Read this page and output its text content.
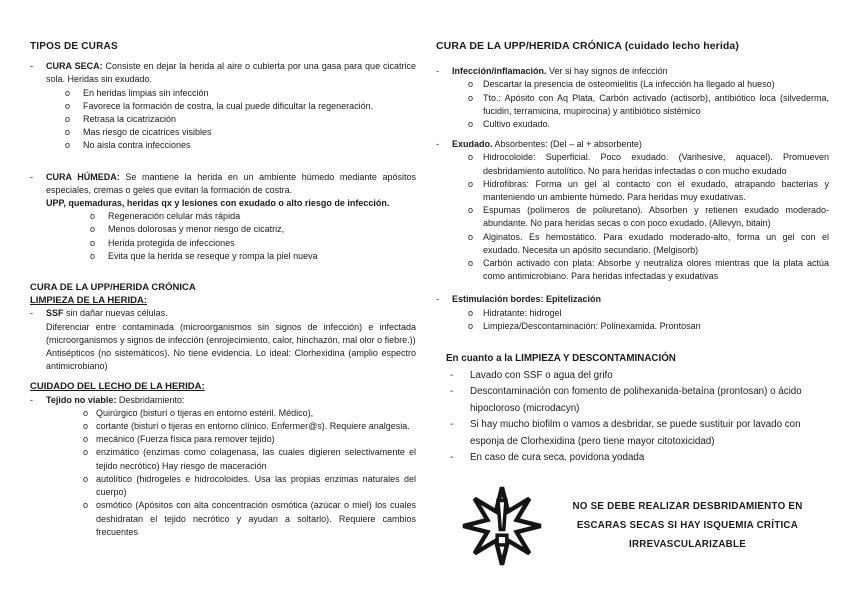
TIPOS DE CURAS
-	CURA SECA: Consiste en dejar la herida al aire o cubierta por una gasa para que cicatrice sola. Heridas sin exudado.
o	En heridas limpias sin infección
o	Favorece la formación de costra, la cual puede dificultar la regeneración.
o	Retrasa la cicatrización
o	Mas riesgo de cicatrices visibles
o	No aisla contra infecciones
-	CURA HÚMEDA: Se mantiene la herida en un ambiente húmedo mediante apósitos especiales, cremas o geles que evitan la formación de costra.
UPP, quemaduras, heridas qx y lesiones con exudado o alto riesgo de infección.
o	Regeneración celular más rápida
o	Menos dolorosas y menor riesgo de cicatriz,
o	Herida protegida de infecciones
o	Evita que la herida se reseque y rompa la piel nueva
CURA DE LA UPP/HERIDA CRÓNICA
LIMPIEZA DE LA HERIDA:
-	SSF sin dañar nuevas células.
Diferenciar entre contaminada (microorganismos sin signos de infección) e infectada (microorganismos y signos de infección (enrojecimiento, calor, hinchazón, mal olor o fiebre.))
Antisépticos (no sistemáticos). No tiene evidencia. Lo ideal: Clorhexidina (amplio espectro antimicrobiano)
CUIDADO DEL LECHO DE LA HERIDA:
-	Tejido no viable: Desbridamiento:
o Quirúrgico (bisturí o tijeras en entorno estéril. Médico),
o cortante (bisturí o tijeras en entorno clínico. Enfermer@s). Requiere analgesia.
o mecánico (Fuerza física para remover tejido)
o enzimático (enzimas como colagenasa, las cuales digieren selectivamente el tejido necrótico) Hay riesgo de maceración
o autolítico (hidrogeles e hidrocoloides. Usa las propias enzimas naturales del cuerpo)
o osmótico (Apósitos con alta concentración osmótica (azúcar o miel) los cuales deshidratan el tejido necrótico y ayudan a soltarlo). Requiere cambios frecuentes
CURA DE LA UPP/HERIDA CRÓNICA (cuidado lecho herida)
-	Infección/inflamación. Ver si hay signos de infección
o	Descartar la presencia de osteomielitis (La infección ha llegado al hueso)
o	Tto.: Apósito con Aq Plata, Carbón activado (actisorb), antibiótico loca (silvederma, fucidin, terramicina, mupirocina) y antibiótico sistémico
o	Cultivo exudado.
-	Exudado. Absorbentes: (Del – al + absorbente)
o	Hidrocoloide: Superficial. Poco exudado. (Varihesive, aquacel). Promueven desbridamiento autolítico. No para heridas infectadas o con mucho exudado
o	Hidrofibras: Forma un gel al contacto con el exudado, atrapando bacterias y manteniendo un ambiente húmedo. Para heridas muy exudativas.
o	Espumas (polímeros de poliuretano). Absorben y retienen exudado moderado-abundante. No para heridas secas o con poco exudado. (Allevyn, bitain)
o	Alginatos. Es hemostático. Para exudado moderado-alto, forma un gel con el exudado. Necesita un apósito secundario. (Melgisorb)
o	Carbón activado con plata: Absorbe y neutraliza olores mientras que la plata actúa como antimicrobiano. Para heridas infectadas y exudativas
-	Estimulación bordes: Epitelización
o	Hidratante: hidrogel
o	Limpieza/Descontaminación: Polinexamida. Prontosan
En cuanto a la LIMPIEZA Y DESCONTAMINACIÓN
-	Lavado con SSF o agua del grifo
-	Descontaminación con fomento de polihexanida-betaína (prontosan) o ácido hipocloroso (microdacyn)
-	Si hay mucho biofilm o vamos a desbridar, se puede sustituir por lavado con esponja de Clorhexidina (pero tiene mayor citotoxicidad)
-	En caso de cura seca, povidona yodada
NO SE DEBE REALIZAR DESBRIDAMIENTO EN
ESCARAS SECAS SI HAY ISQUEMIA CRÍTICA
IRREVASCULARIZABLE
